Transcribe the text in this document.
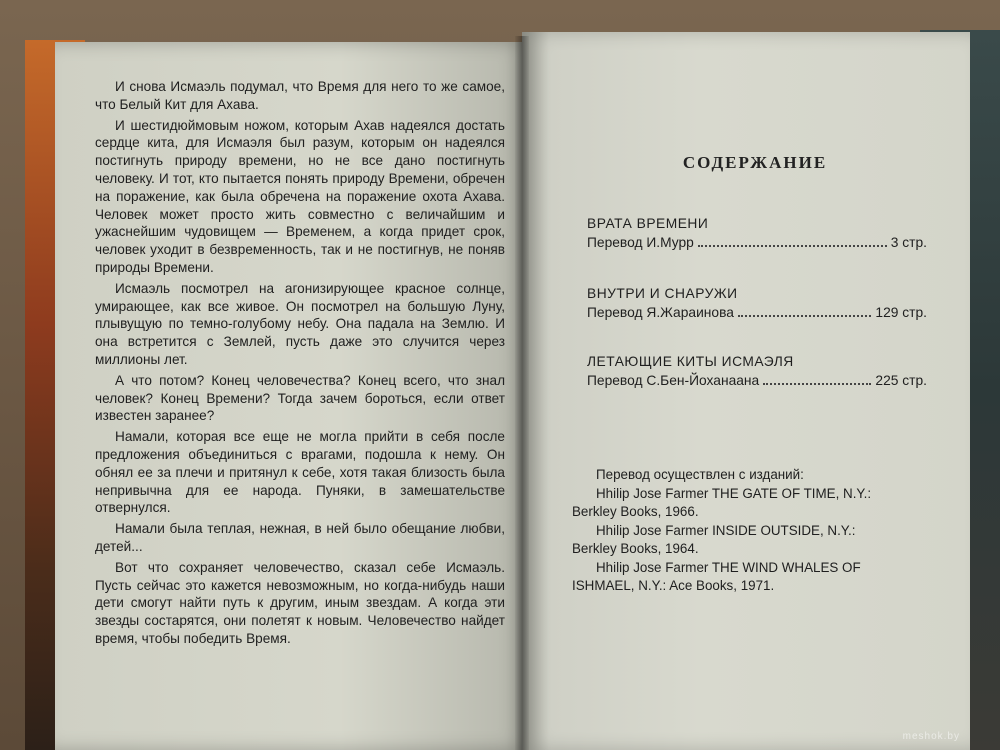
И снова Исмаэль подумал, что Время для него то же самое, что Белый Кит для Ахава.

И шестидюймовым ножом, которым Ахав надеялся достать сердце кита, для Исмаэля был разум, которым он надеялся постигнуть природу времени, но не все дано постигнуть человеку. И тот, кто пытается понять природу Времени, обречен на поражение, как была обречена на поражение охота Ахава. Человек может просто жить совместно с величайшим и ужаснейшим чудовищем — Временем, а когда придет срок, человек уходит в безвременность, так и не постигнув, не поняв природы Времени.

Исмаэль посмотрел на агонизирующее красное солнце, умирающее, как все живое. Он посмотрел на большую Луну, плывущую по темно-голубому небу. Она падала на Землю. И она встретится с Землей, пусть даже это случится через миллионы лет.

А что потом? Конец человечества? Конец всего, что знал человек? Конец Времени? Тогда зачем бороться, если ответ известен заранее?

Намали, которая все еще не могла прийти в себя после предложения объединиться с врагами, подошла к нему. Он обнял ее за плечи и притянул к себе, хотя такая близость была непривычна для ее народа. Пуняки, в замешательстве отвернулся.

Намали была теплая, нежная, в ней было обещание любви, детей...

Вот что сохраняет человечество, сказал себе Исмаэль. Пусть сейчас это кажется невозможным, но когда-нибудь наши дети смогут найти путь к другим, иным звездам. А когда эти звезды состарятся, они полетят к новым. Человечество найдет время, чтобы победить Время.

СОДЕРЖАНИЕ
ВРАТА ВРЕМЕНИ
Перевод И.Мурр	3 стр.
ВНУТРИ И СНАРУЖИ
Перевод Я.Жараинова	129 стр.
ЛЕТАЮЩИЕ КИТЫ ИСМАЭЛЯ
Перевод С.Бен-Йоханаана	225 стр.
Перевод осуществлен с изданий:
Hhilip Jose Farmer THE GATE OF TIME, N.Y.:
Berkley Books, 1966.
Hhilip Jose Farmer INSIDE OUTSIDE, N.Y.:
Berkley Books, 1964.
Hhilip Jose Farmer THE WIND WHALES OF
ISHMAEL, N.Y.: Ace Books, 1971.
meshok.by
